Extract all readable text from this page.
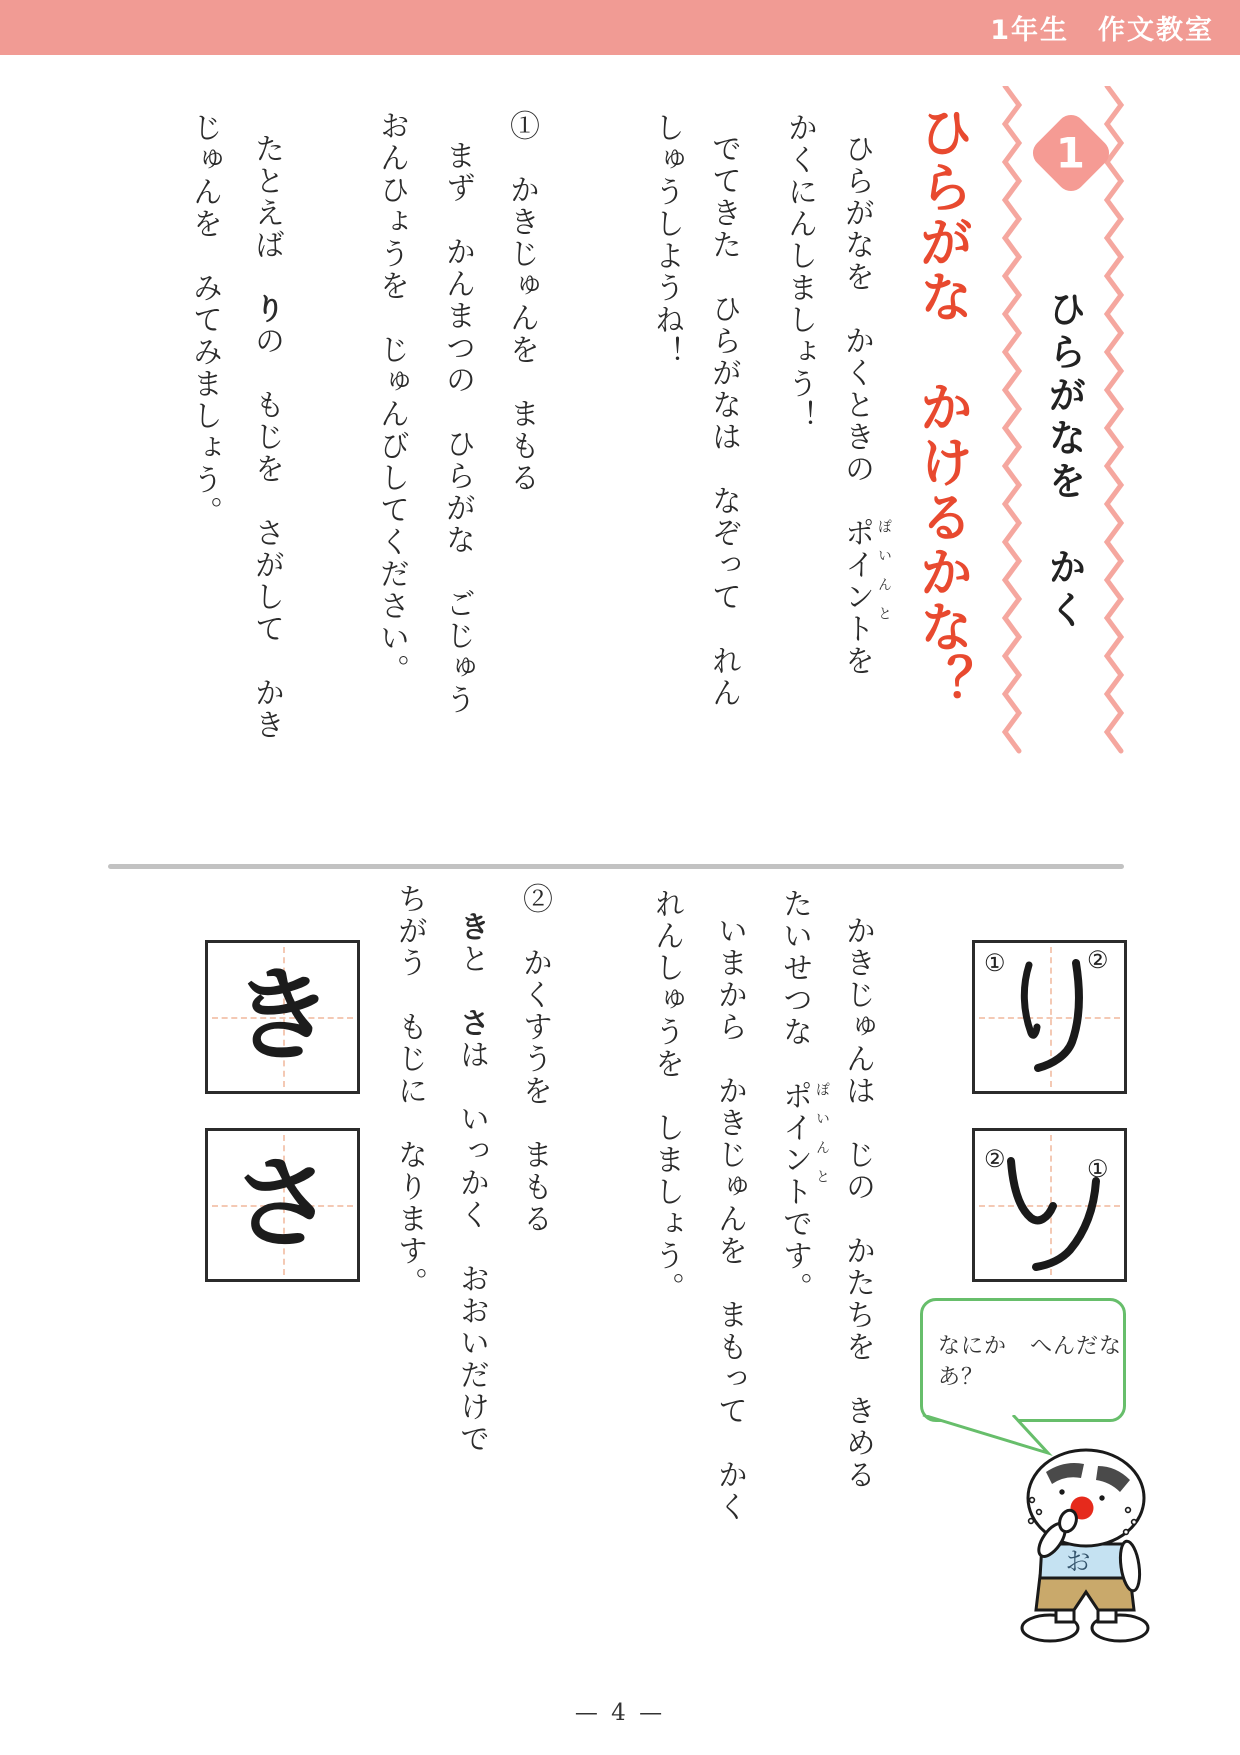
1年生　作文教室
1
ひらがなを　かく
ひらがな　かけるかな？
ひらがなを　かくときの　ポイントを ぽいんと
かくにんしましょう！
でてきた　ひらがなは　なぞって　れん
しゅうしようね！
①　かきじゅんを　まもる
まず　かんまつの　ひらがな　ごじゅう
おんひょうを　じゅんびしてください。
たとえば　りの　もじを　さがして　かき
じゅんを　みてみましょう。
かきじゅんは　じの　かたちを　きめる
たいせつな　ポイントです。 ぽいんと
いまから　かきじゅんを　まもって　かく
れんしゅうを　しましょう。
②　かくすうを　まもる
きと　さは　いっかく　おおいだけで
ちがう　もじに　なります。	①	②
②	①
き
さ
なにか　へんだなあ？
お
— 4 —
